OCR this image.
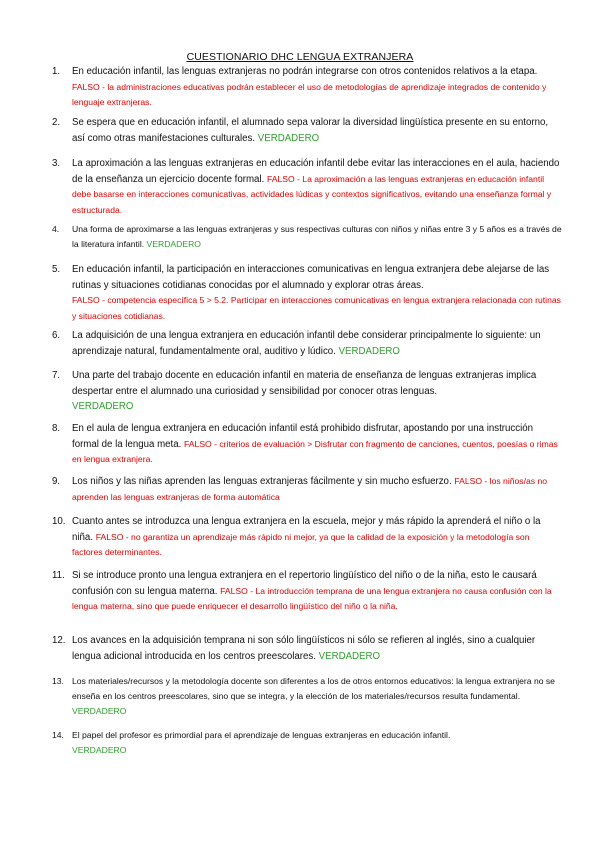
CUESTIONARIO DHC LENGUA EXTRANJERA
1. En educación infantil, las lenguas extranjeras no podrán integrarse con otros contenidos relativos a la etapa.
FALSO - la administraciones educativas podrán establecer el uso de metodologías de aprendizaje integrados de contenido y lenguaje extranjeras.
2. Se espera que en educación infantil, el alumnado sepa valorar la diversidad lingüística presente en su entorno, así como otras manifestaciones culturales. VERDADERO
3. La aproximación a las lenguas extranjeras en educación infantil debe evitar las interacciones en el aula, haciendo de la enseñanza un ejercicio docente formal. FALSO - La aproximación a las lenguas extranjeras en educación infantil debe basarse en interacciones comunicativas, actividades lúdicas y contextos significativos, evitando una enseñanza formal y estructurada.
4. Una forma de aproximarse a las lenguas extranjeras y sus respectivas culturas con niños y niñas entre 3 y 5 años es a través de la literatura infantil. VERDADERO
5. En educación infantil, la participación en interacciones comunicativas en lengua extranjera debe alejarse de las rutinas y situaciones cotidianas conocidas por el alumnado y explorar otras áreas.
FALSO - competencia específica 5 > 5.2. Participar en interacciones comunicativas en lengua extranjera relacionada con rutinas y situaciones cotidianas.
6. La adquisición de una lengua extranjera en educación infantil debe considerar principalmente lo siguiente: un aprendizaje natural, fundamentalmente oral, auditivo y lúdico. VERDADERO
7. Una parte del trabajo docente en educación infantil en materia de enseñanza de lenguas extranjeras implica despertar entre el alumnado una curiosidad y sensibilidad por conocer otras lenguas.
VERDADERO
8. En el aula de lengua extranjera en educación infantil está prohibido disfrutar, apostando por una instrucción formal de la lengua meta. FALSO - criterios de evaluación > Disfrutar con fragmento de canciones, cuentos, poesías o rimas en lengua extranjera.
9. Los niños y las niñas aprenden las lenguas extranjeras fácilmente y sin mucho esfuerzo. FALSO - los niños/as no aprenden las lenguas extranjeras de forma automática
10. Cuanto antes se introduzca una lengua extranjera en la escuela, mejor y más rápido la aprenderá el niño o la niña. FALSO - no garantiza un aprendizaje más rápido ni mejor, ya que la calidad de la exposición y la metodología son factores determinantes.
11. Si se introduce pronto una lengua extranjera en el repertorio lingüístico del niño o de la niña, esto le causará confusión con su lengua materna. FALSO - La introducción temprana de una lengua extranjera no causa confusión con la lengua materna, sino que puede enriquecer el desarrollo lingüístico del niño o la niña.
12. Los avances en la adquisición temprana ni son sólo lingüísticos ni sólo se refieren al inglés, sino a cualquier lengua adicional introducida en los centros preescolares. VERDADERO
13. Los materiales/recursos y la metodología docente son diferentes a los de otros entornos educativos: la lengua extranjera no se enseña en los centros preescolares, sino que se integra, y la elección de los materiales/recursos resulta fundamental. VERDADERO
14. El papel del profesor es primordial para el aprendizaje de lenguas extranjeras en educación infantil.
VERDADERO
